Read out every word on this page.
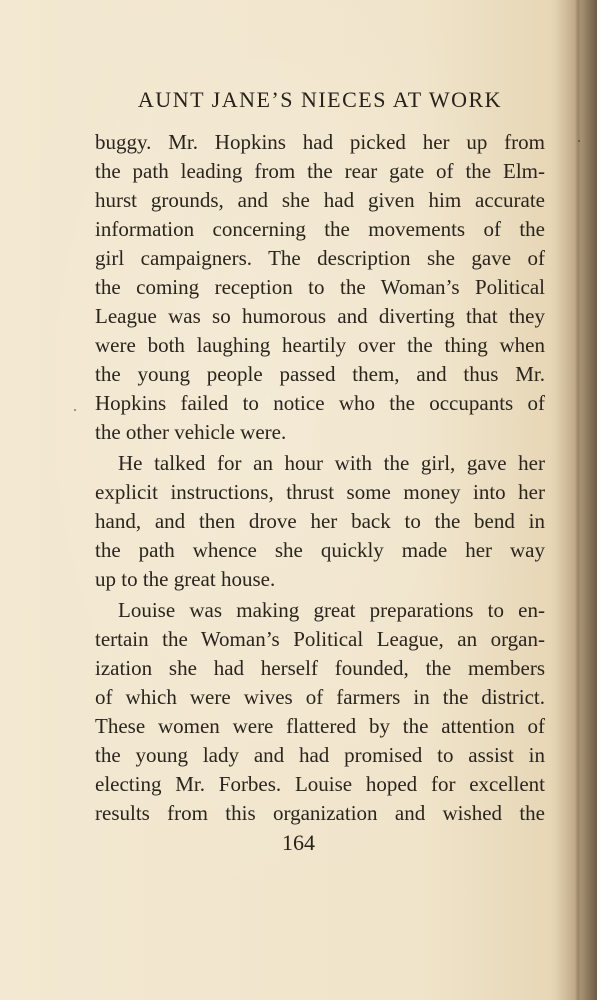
AUNT JANE’S NIECES AT WORK
buggy. Mr. Hopkins had picked her up from
the path leading from the rear gate of the Elm-
hurst grounds, and she had given him accurate
information concerning the movements of the
girl campaigners. The description she gave of
the coming reception to the Woman’s Political
League was so humorous and diverting that they
were both laughing heartily over the thing when
the young people passed them, and thus Mr.
Hopkins failed to notice who the occupants of
the other vehicle were.
He talked for an hour with the girl, gave her
explicit instructions, thrust some money into her
hand, and then drove her back to the bend in
the path whence she quickly made her way
up to the great house.
Louise was making great preparations to en-
tertain the Woman’s Political League, an organ-
ization she had herself founded, the members
of which were wives of farmers in the district.
These women were flattered by the attention of
the young lady and had promised to assist in
electing Mr. Forbes. Louise hoped for excellent
results from this organization and wished the
164
